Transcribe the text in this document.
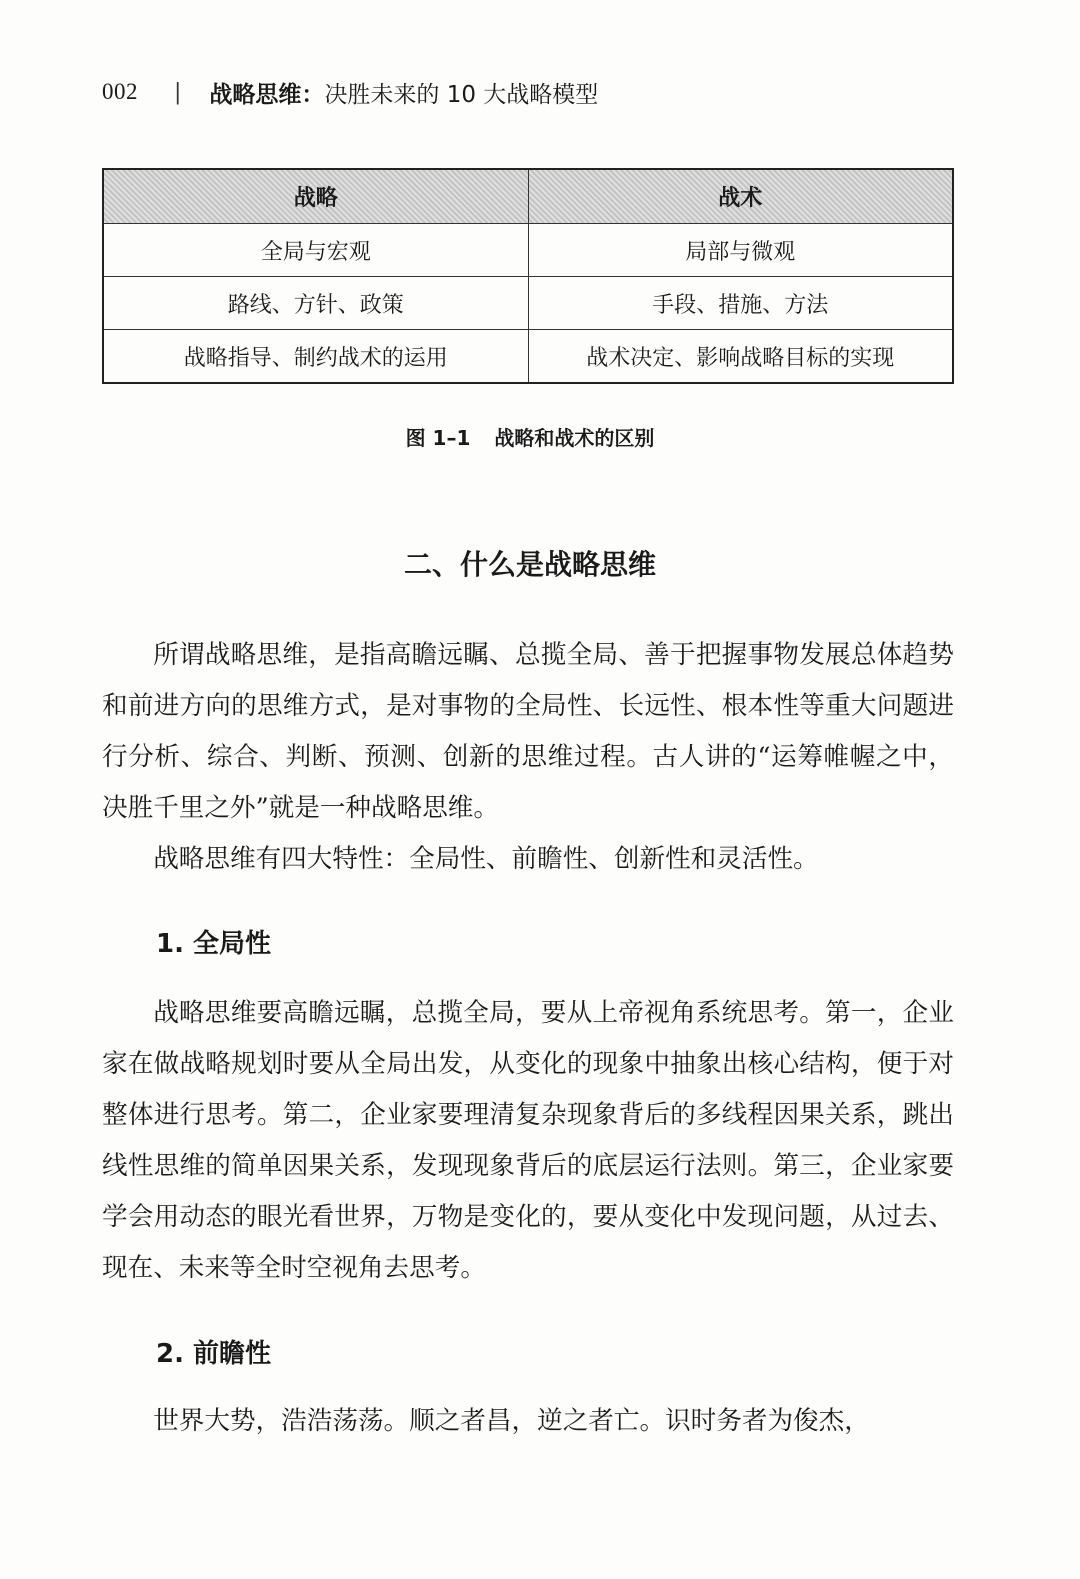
002 | 战略思维： 决胜未来的 10 大战略模型
战略	战术
全局与宏观	局部与微观
路线、方针、政策	手段、措施、方法
战略指导、制约战术的运用	战术决定、影响战略目标的实现
图 1–1 战略和战术的区别
二、什么是战略思维

所谓战略思维，是指高瞻远瞩、总揽全局、善于把握事物发展总体趋势和前进方向的思维方式，是对事物的全局性、长远性、根本性等重大问题进行分析、综合、判断、预测、创新的思维过程。古人讲的“运筹帷幄之中，决胜千里之外”就是一种战略思维。

战略思维有四大特性：全局性、前瞻性、创新性和灵活性。

1. 全局性

战略思维要高瞻远瞩，总揽全局，要从上帝视角系统思考。第一，企业家在做战略规划时要从全局出发，从变化的现象中抽象出核心结构，便于对整体进行思考。第二，企业家要理清复杂现象背后的多线程因果关系，跳出线性思维的简单因果关系，发现现象背后的底层运行法则。第三，企业家要学会用动态的眼光看世界，万物是变化的，要从变化中发现问题，从过去、现在、未来等全时空视角去思考。

2. 前瞻性

世界大势，浩浩荡荡。顺之者昌，逆之者亡。识时务者为俊杰，
